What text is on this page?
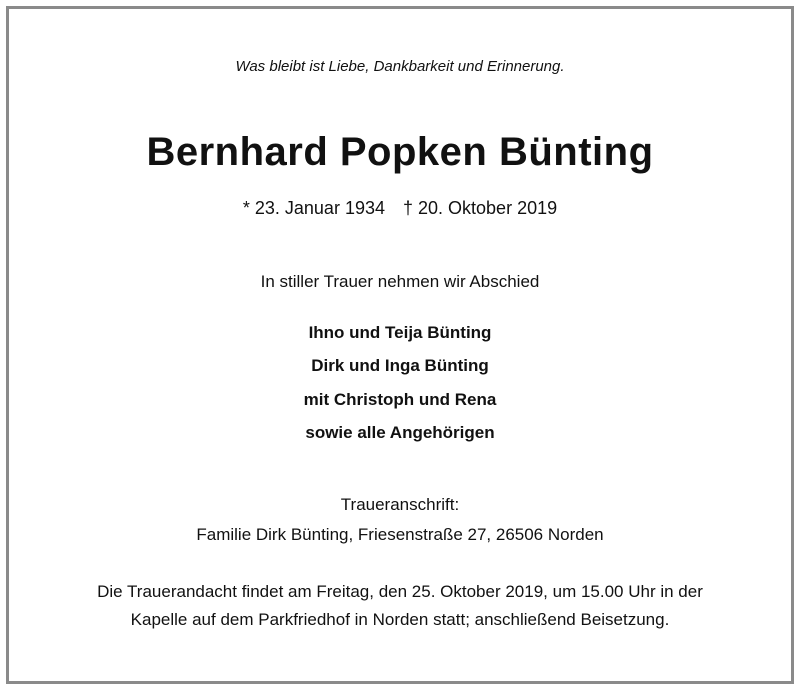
Was bleibt ist Liebe, Dankbarkeit und Erinnerung.
Bernhard Popken Bünting
* 23. Januar 1934 † 20. Oktober 2019
In stiller Trauer nehmen wir Abschied
Ihno und Teija Bünting
Dirk und Inga Bünting
mit Christoph und Rena
sowie alle Angehörigen
Traueranschrift:
Familie Dirk Bünting, Friesenstraße 27, 26506 Norden
Die Trauerandacht findet am Freitag, den 25. Oktober 2019, um 15.00 Uhr in der
Kapelle auf dem Parkfriedhof in Norden statt; anschließend Beisetzung.
